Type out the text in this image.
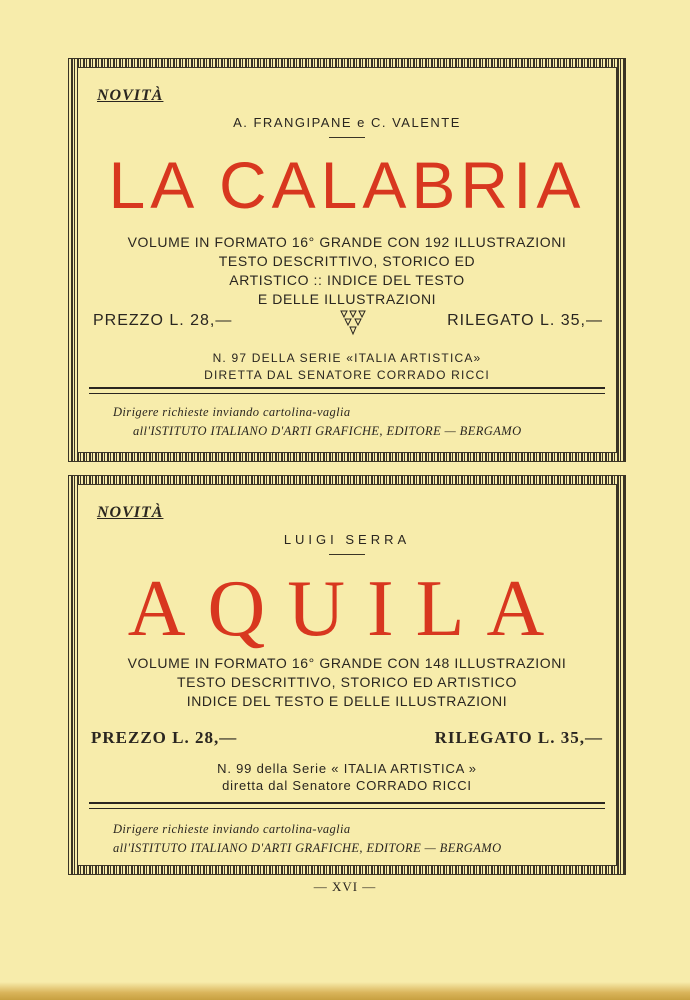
NOVITÀ
A. FRANGIPANE e C. VALENTE
LA CALABRIA
VOLUME IN FORMATO 16° GRANDE CON 192 ILLUSTRAZIONI
TESTO DESCRITTIVO, STORICO ED
ARTISTICO :: INDICE DEL TESTO
E DELLE ILLUSTRAZIONI
PREZZO L. 28,—	RILEGATO L. 35,—
N. 97 DELLA SERIE «ITALIA ARTISTICA»
DIRETTA DAL SENATORE CORRADO RICCI
Dirigere richieste inviando cartolina-vaglia
all'ISTITUTO ITALIANO D'ARTI GRAFICHE, EDITORE — BERGAMO
NOVITÀ
LUIGI SERRA
AQUILA
VOLUME IN FORMATO 16° GRANDE CON 148 ILLUSTRAZIONI
TESTO DESCRITTIVO, STORICO ED ARTISTICO
INDICE DEL TESTO E DELLE ILLUSTRAZIONI
PREZZO L. 28,—	RILEGATO L. 35,—
N. 99 della Serie « ITALIA ARTISTICA »
diretta dal Senatore CORRADO RICCI
Dirigere richieste inviando cartolina-vaglia
all'ISTITUTO ITALIANO D'ARTI GRAFICHE, EDITORE — BERGAMO
— XVI —
